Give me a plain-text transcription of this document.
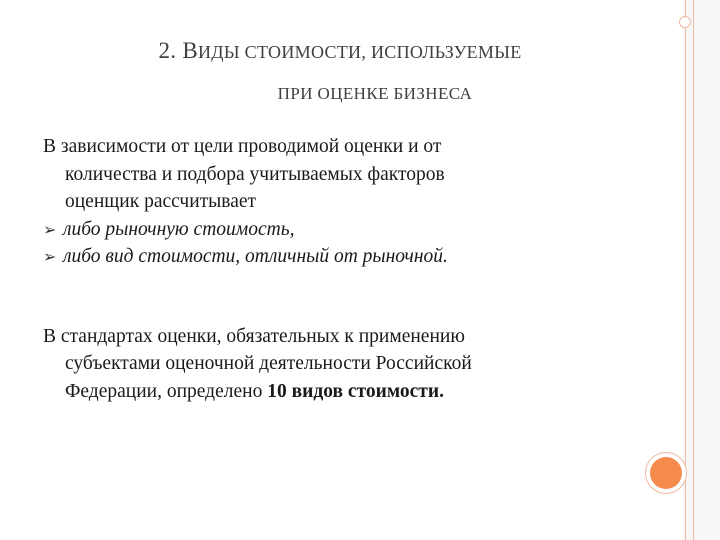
2. ВИДЫ СТОИМОСТИ, ИСПОЛЬЗУЕМЫЕ
ПРИ ОЦЕНКЕ БИЗНЕСА
В зависимости от цели проводимой оценки и от
количества и подбора учитываемых факторов
оценщик рассчитывает
➢ либо рыночную стоимость,
➢ либо вид стоимости, отличный от рыночной.
В стандартах оценки, обязательных к применению
субъектами оценочной деятельности Российской
Федерации, определено 10 видов стоимости.
